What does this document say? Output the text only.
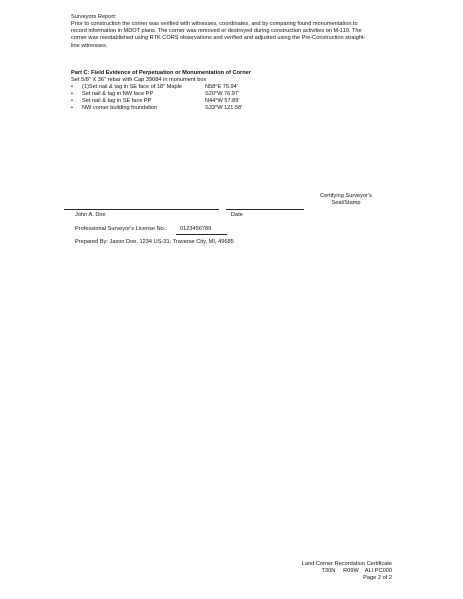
Surveyors Report:
Prior to construction the corner was verified with witnesses, coordinates, and by comparing found monumentation to
record information in MDOT plans. The corner was removed or destroyed during construction activities on M-119. The
corner was reestablished using RTK CORS observations and verified and adjusted using the Pre-Construction straight-
line witnesses.
Part C: Field Evidence of Perpetuation or Monumentation of Corner
Set 5/8" X 36" rebar with Cap 39084 in monument box
• (1)Set nail & tag in SE face of 18" Maple	N58°E 75.94'
• Set nail & tag in NW face PP	S20°W 76.97'
• Set nail & tag in SE face PP	N44°W 57.89'
• NW corner building foundation	S33°W 121.58'
Certifying Surveyor's
Seal/Stamp
John A. Doe	Date
Professional Surveyor's License No.: 0123456789
Prepared By: Jason Doe, 1234 US-31, Traverse City, MI, 49685
Land Corner Recordation Certificate
T30N     R09W    ALI PC000
Page 2 of 2
